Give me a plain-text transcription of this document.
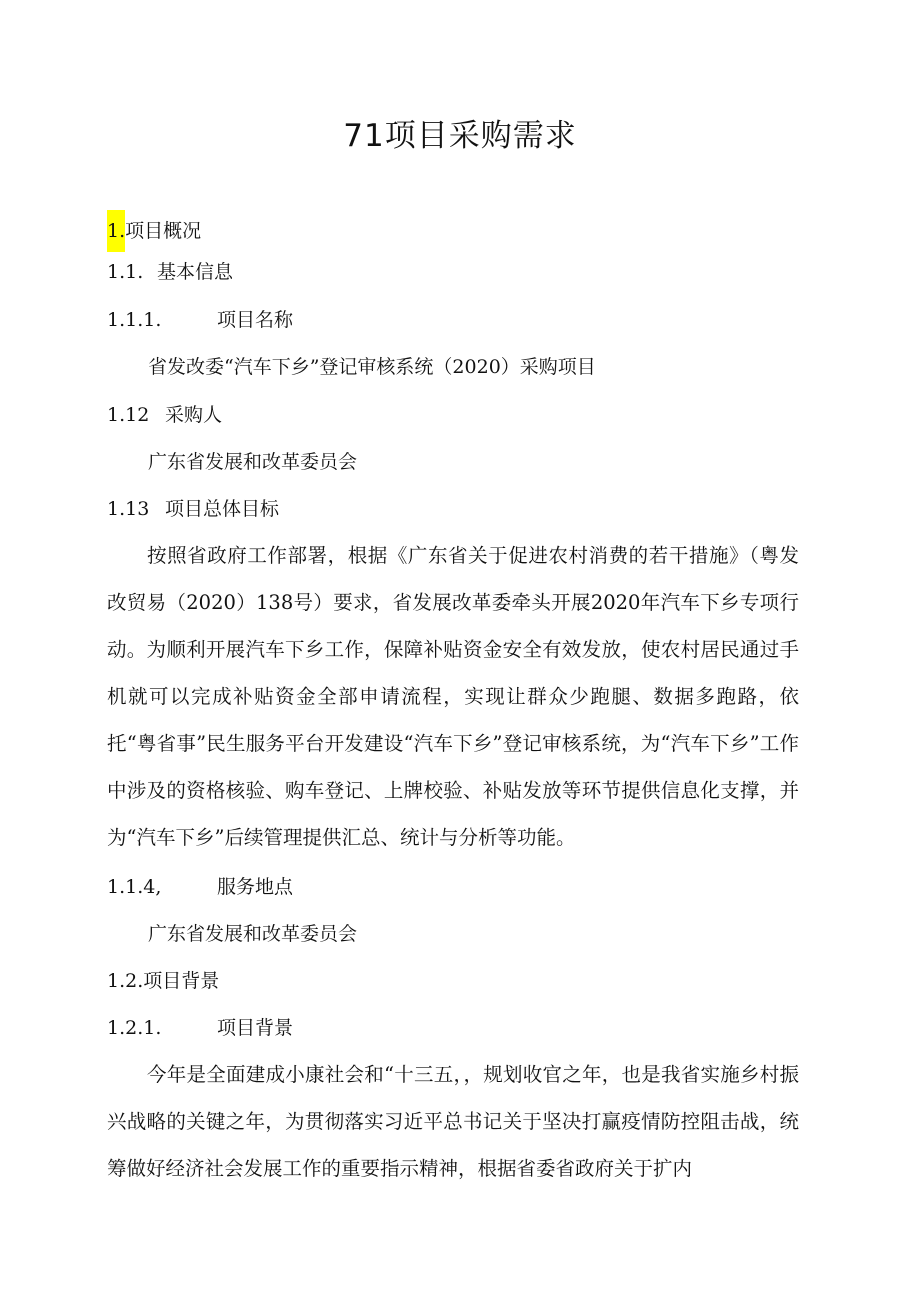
71项目采购需求
1.项目概况
1.1. 基本信息
1.1.1.	项目名称
省发改委“汽车下乡”登记审核系统（2020）采购项目
1.12 采购人
广东省发展和改革委员会
1.13 项目总体目标

按照省政府工作部署，根据《广东省关于促进农村消费的若干措施》（粤发改贸易（2020）138号）要求，省发展改革委牵头开展2020年汽车下乡专项行动。为顺利开展汽车下乡工作，保障补贴资金安全有效发放，使农村居民通过手机就可以完成补贴资金全部申请流程，实现让群众少跑腿、数据多跑路，依托“粤省事”民生服务平台开发建设“汽车下乡”登记审核系统，为“汽车下乡”工作中涉及的资格核验、购车登记、上牌校验、补贴发放等环节提供信息化支撑，并为“汽车下乡”后续管理提供汇总、统计与分析等功能。

1.1.4,	服务地点
广东省发展和改革委员会
1.2.项目背景
1.2.1.	项目背景

今年是全面建成小康社会和“十三五，，规划收官之年，也是我省实施乡村振兴战略的关键之年，为贯彻落实习近平总书记关于坚决打赢疫情防控阻击战，统筹做好经济社会发展工作的重要指示精神，根据省委省政府关于扩内
